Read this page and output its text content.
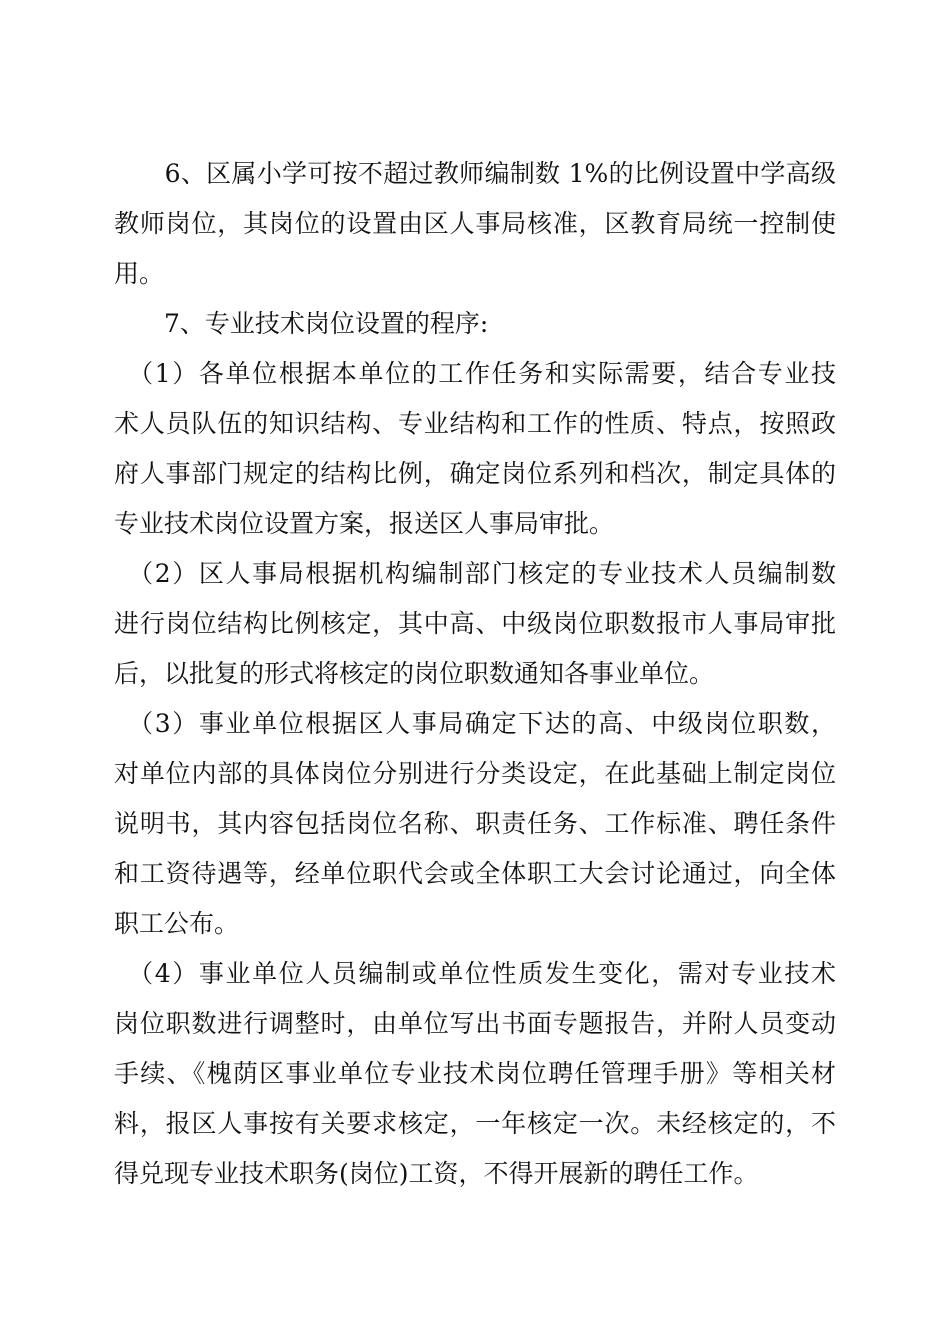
　　6、区属小学可按不超过教师编制数 1%的比例设置中学高级
教师岗位，其岗位的设置由区人事局核准，区教育局统一控制使
用。
　　7、专业技术岗位设置的程序:
　（1）各单位根据本单位的工作任务和实际需要，结合专业技
术人员队伍的知识结构、专业结构和工作的性质、特点，按照政
府人事部门规定的结构比例，确定岗位系列和档次，制定具体的
专业技术岗位设置方案，报送区人事局审批。
　（2）区人事局根据机构编制部门核定的专业技术人员编制数
进行岗位结构比例核定，其中高、中级岗位职数报市人事局审批
后，以批复的形式将核定的岗位职数通知各事业单位。
　（3）事业单位根据区人事局确定下达的高、中级岗位职数，
对单位内部的具体岗位分别进行分类设定，在此基础上制定岗位
说明书，其内容包括岗位名称、职责任务、工作标准、聘任条件
和工资待遇等，经单位职代会或全体职工大会讨论通过，向全体
职工公布。
　（4）事业单位人员编制或单位性质发生变化，需对专业技术
岗位职数进行调整时，由单位写出书面专题报告，并附人员变动
手续、《槐荫区事业单位专业技术岗位聘任管理手册》等相关材
料，报区人事按有关要求核定，一年核定一次。未经核定的，不
得兑现专业技术职务(岗位)工资，不得开展新的聘任工作。
